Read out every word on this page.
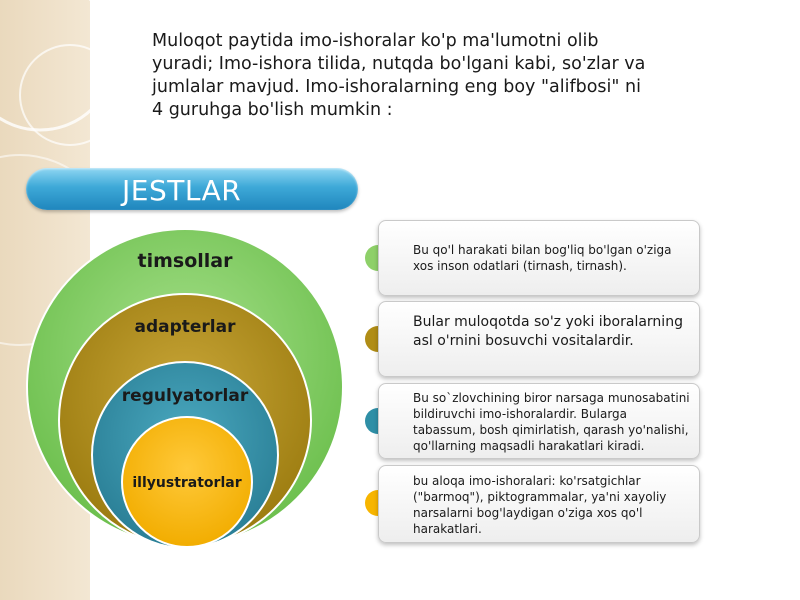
Muloqot paytida imo-ishoralar ko'p ma'lumotni olib yuradi; Imo-ishora tilida, nutqda bo'lgani kabi, so'zlar va jumlalar mavjud. Imo-ishoralarning eng boy "alifbosi" ni 4 guruhga bo'lish mumkin :

JESTLAR
timsollar
adapterlar
regulyatorlar
illyustratorlar
Bu qo'l harakati bilan bog'liq bo'lgan o'ziga xos inson odatlari (tirnash, tirnash).
Bular muloqotda so'z yoki iboralarning asl o'rnini bosuvchi vositalardir.
Bu so`zlovchining biror narsaga munosabatini bildiruvchi imo-ishoralardir. Bularga tabassum, bosh qimirlatish, qarash yo'nalishi, qo'llarning maqsadli harakatlari kiradi.
bu aloqa imo-ishoralari: ko'rsatgichlar ("barmoq"), piktogrammalar, ya'ni xayoliy narsalarni bog'laydigan o'ziga xos qo'l harakatlari.
